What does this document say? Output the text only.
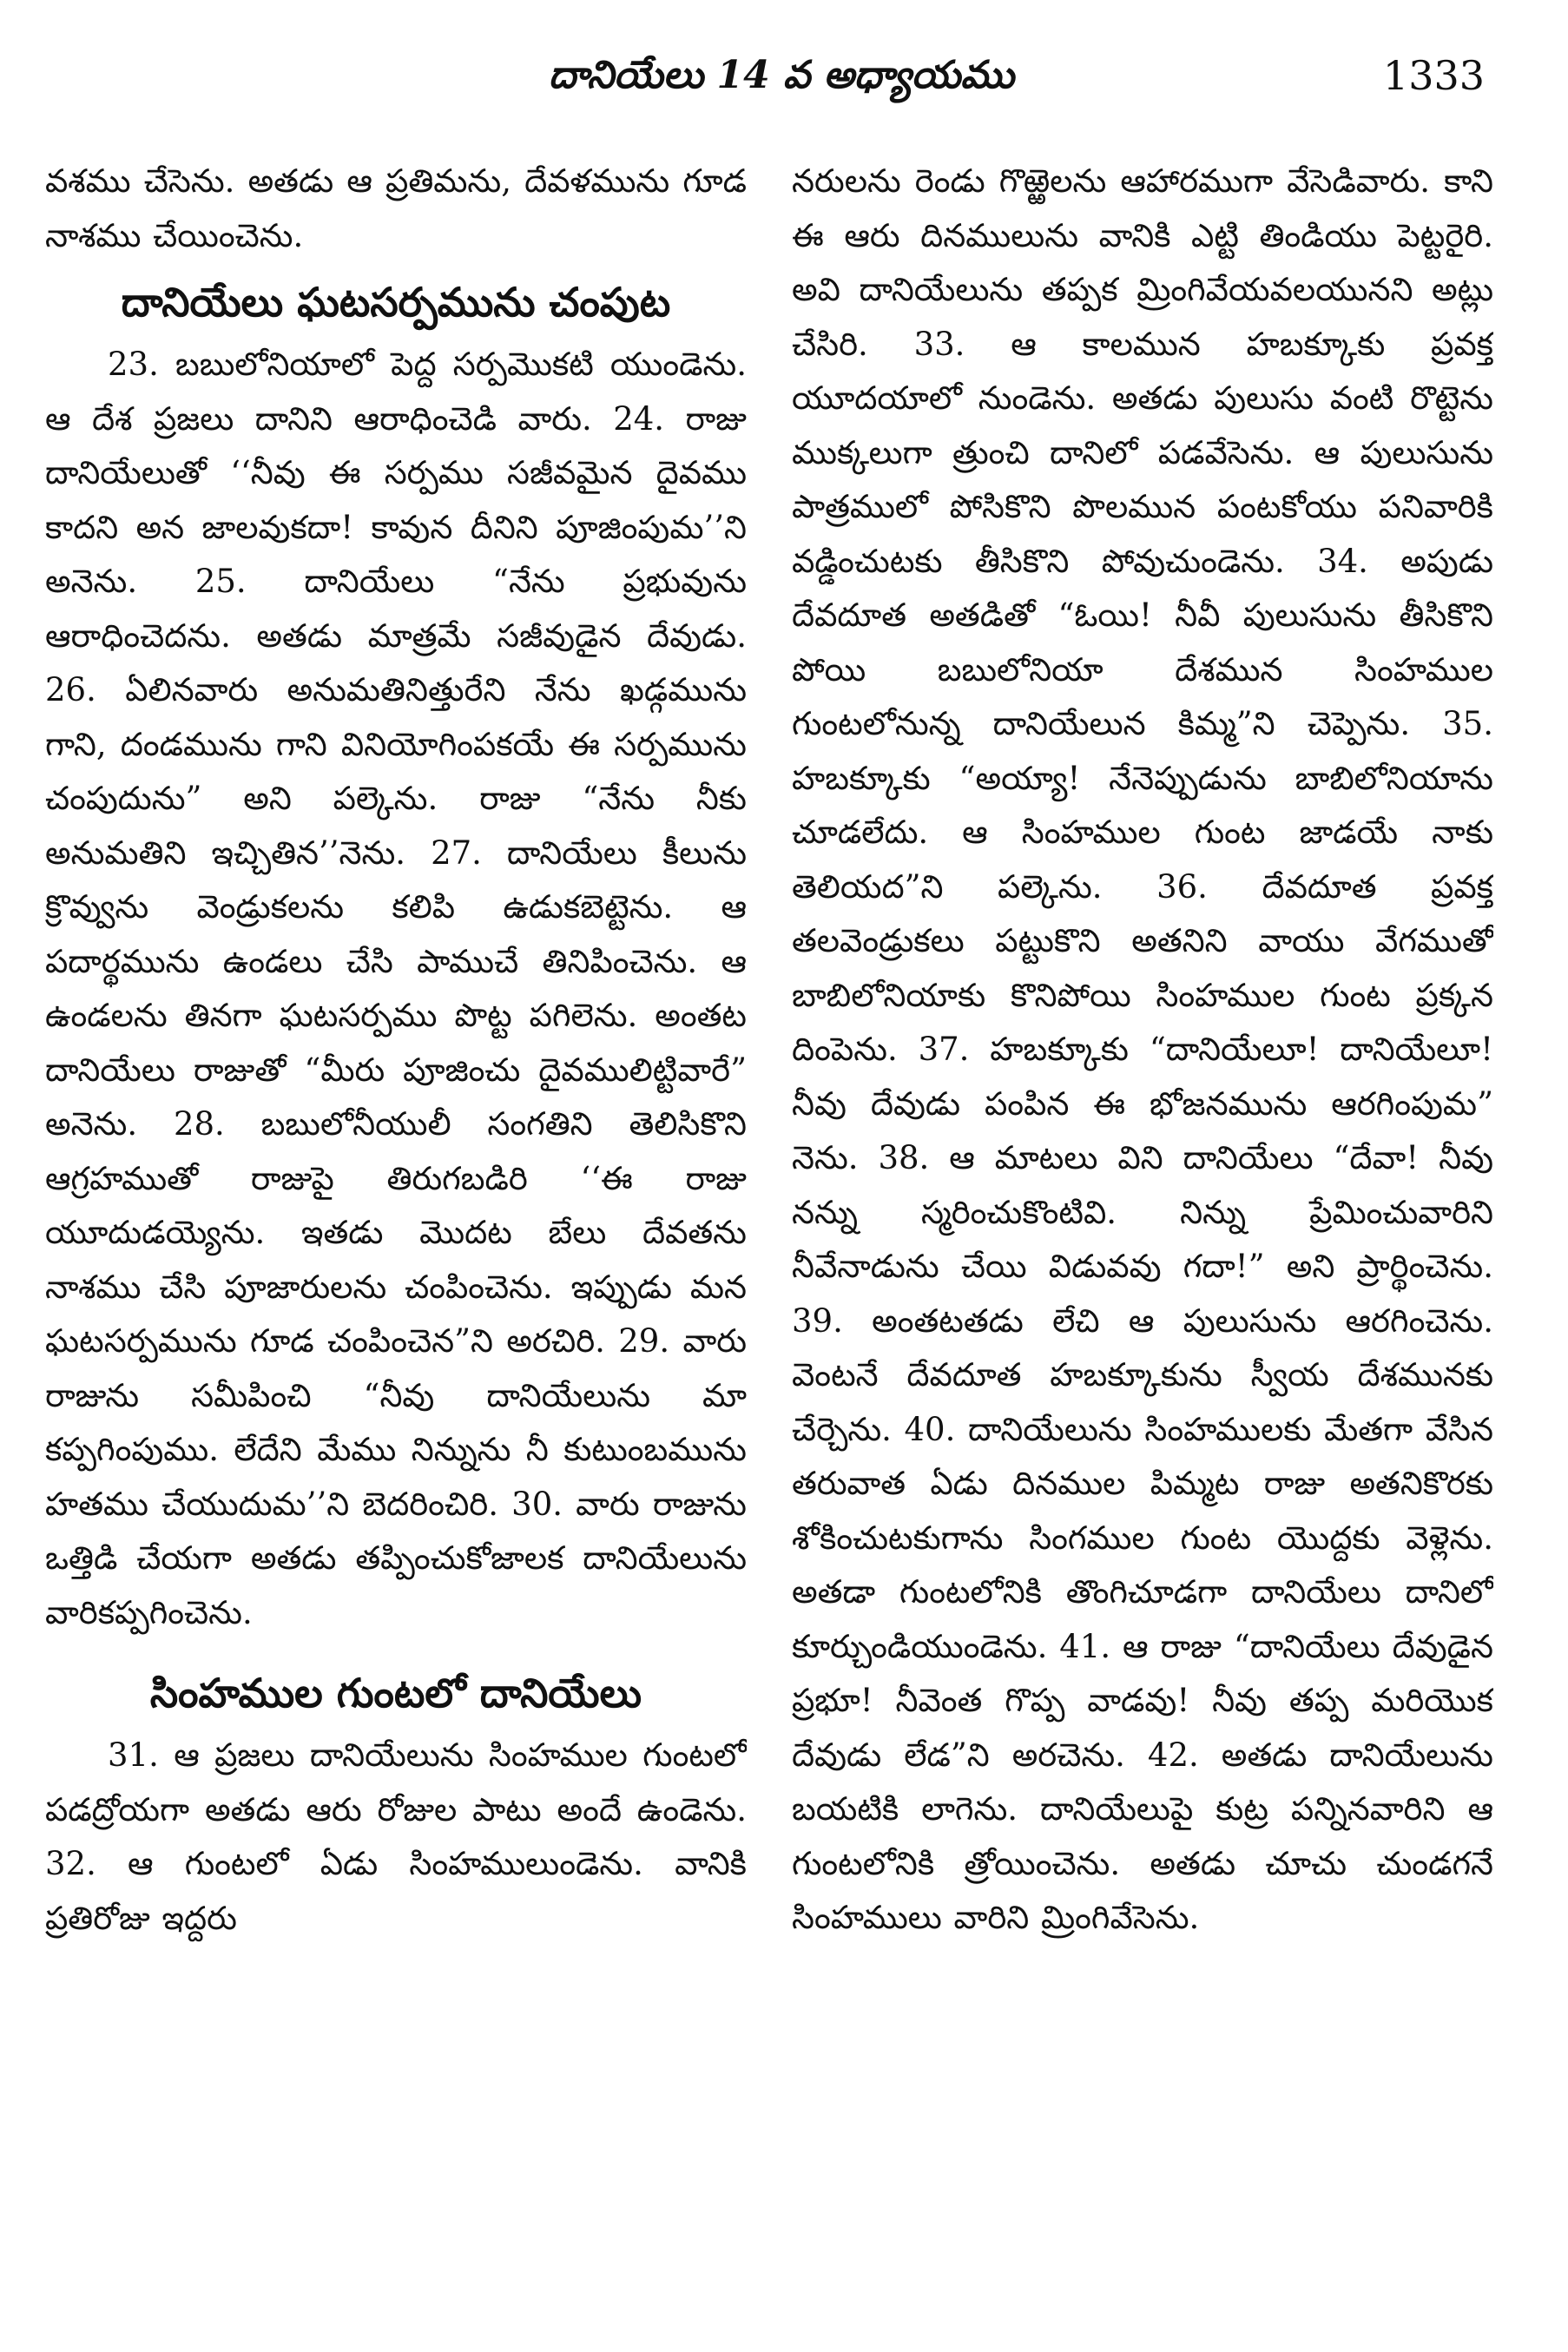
దానియేలు 14 వ అధ్యాయము	1333

వశము చేసెను. అతడు ఆ ప్రతిమను, దేవళమును గూడ నాశము చేయించెను.

దానియేలు ఘటసర్పమును చంపుట

23. బబులోనియాలో పెద్ద సర్పమొకటి యుండెను. ఆ దేశ ప్రజలు దానిని ఆరాధించెడి వారు. 24. రాజు దానియేలుతో ‘‘నీవు ఈ సర్పము సజీవమైన దైవము కాదని అన జాలవుకదా! కావున దీనిని పూజింపుమ’’ని అనెను. 25. దానియేలు “నేను ప్రభువును ఆరాధించెదను. అతడు మాత్రమే సజీవుడైన దేవుడు. 26. ఏలినవారు అనుమతినిత్తురేని నేను ఖడ్గమును గాని, దండమును గాని వినియోగింపకయే ఈ సర్పమును చంపుదును” అని పల్కెను. రాజు “నేను నీకు అనుమతిని ఇచ్చితిన’’నెను. 27. దానియేలు కీలును క్రొవ్వును వెండ్రుకలను కలిపి ఉడుకబెట్టెను. ఆ పదార్థమును ఉండలు చేసి పాముచే తినిపించెను. ఆ ఉండలను తినగా ఘటసర్పము పొట్ట పగిలెను. అంతట దానియేలు రాజుతో “మీరు పూజించు దైవములిట్టివారే” అనెను. 28. బబులోనీయులీ సంగతిని తెలిసికొని ఆగ్రహముతో రాజుపై తిరుగబడిరి ‘‘ఈ రాజు యూదుడయ్యెను. ఇతడు మొదట బేలు దేవతను నాశము చేసి పూజారులను చంపించెను. ఇప్పుడు మన ఘటసర్పమును గూడ చంపించెన”ని అరచిరి. 29. వారు రాజును సమీపించి “నీవు దానియేలును మా కప్పగింపుము. లేదేని మేము నిన్నును నీ కుటుంబమును హతము చేయుదుమ’’ని బెదరించిరి. 30. వారు రాజును ఒత్తిడి చేయగా అతడు తప్పించుకోజాలక దానియేలును వారికప్పగించెను.

సింహముల గుంటలో దానియేలు

31. ఆ ప్రజలు దానియేలును సింహముల గుంటలో పడద్రోయగా అతడు ఆరు రోజుల పాటు అందే ఉండెను. 32. ఆ గుంటలో ఏడు సింహములుండెను. వానికి ప్రతిరోజు ఇద్దరు

నరులను రెండు గొఱ్ఱెలను ఆహారముగా వేసెడివారు. కాని ఈ ఆరు దినములును వానికి ఎట్టి తిండియు పెట్టరైరి. అవి దానియేలును తప్పక మ్రింగివేయవలయునని అట్లు చేసిరి. 33. ఆ కాలమున హబక్కూకు ప్రవక్త యూదయాలో నుండెను. అతడు పులుసు వంటి రొట్టెను ముక్కలుగా త్రుంచి దానిలో పడవేసెను. ఆ పులుసును పాత్రములో పోసికొని పొలమున పంటకోయు పనివారికి వడ్డించుటకు తీసికొని పోవుచుండెను. 34. అపుడు దేవదూత అతడితో “ఓయి! నీవీ పులుసును తీసికొని పోయి బబులోనియా దేశమున సింహముల గుంటలోనున్న దానియేలున కిమ్మ”ని చెప్పెను. 35. హబక్కూకు “అయ్యా! నేనెప్పుడును బాబిలోనియాను చూడలేదు. ఆ సింహముల గుంట జాడయే నాకు తెలియద”ని పల్కెను. 36. దేవదూత ప్రవక్త తలవెండ్రుకలు పట్టుకొని అతనిని వాయు వేగముతో బాబిలోనియాకు కొనిపోయి సింహముల గుంట ప్రక్కన దింపెను. 37. హబక్కూకు “దానియేలూ! దానియేలూ! నీవు దేవుడు పంపిన ఈ భోజనమును ఆరగింపుమ” నెను. 38. ఆ మాటలు విని దానియేలు “దేవా! నీవు నన్ను స్మరించుకొంటివి. నిన్ను ప్రేమించువారిని నీవేనాడును చేయి విడువవు గదా!” అని ప్రార్థించెను. 39. అంతటతడు లేచి ఆ పులుసును ఆరగించెను. వెంటనే దేవదూత హబక్కూకును స్వీయ దేశమునకు చేర్చెను. 40. దానియేలును సింహములకు మేతగా వేసిన తరువాత ఏడు దినముల పిమ్మట రాజు అతనికొరకు శోకించుటకుగాను సింగముల గుంట యొద్దకు వెళ్లెను. అతడా గుంటలోనికి తొంగిచూడగా దానియేలు దానిలో కూర్చుండియుండెను. 41. ఆ రాజు “దానియేలు దేవుడైన ప్రభూ! నీవెంత గొప్ప వాడవు! నీవు తప్ప మరియొక దేవుడు లేడ”ని అరచెను. 42. అతడు దానియేలును బయటికి లాగెను. దానియేలుపై కుట్ర పన్నినవారిని ఆ గుంటలోనికి త్రోయించెను. అతడు చూచు చుండగనే సింహములు వారిని మ్రింగివేసెను.
